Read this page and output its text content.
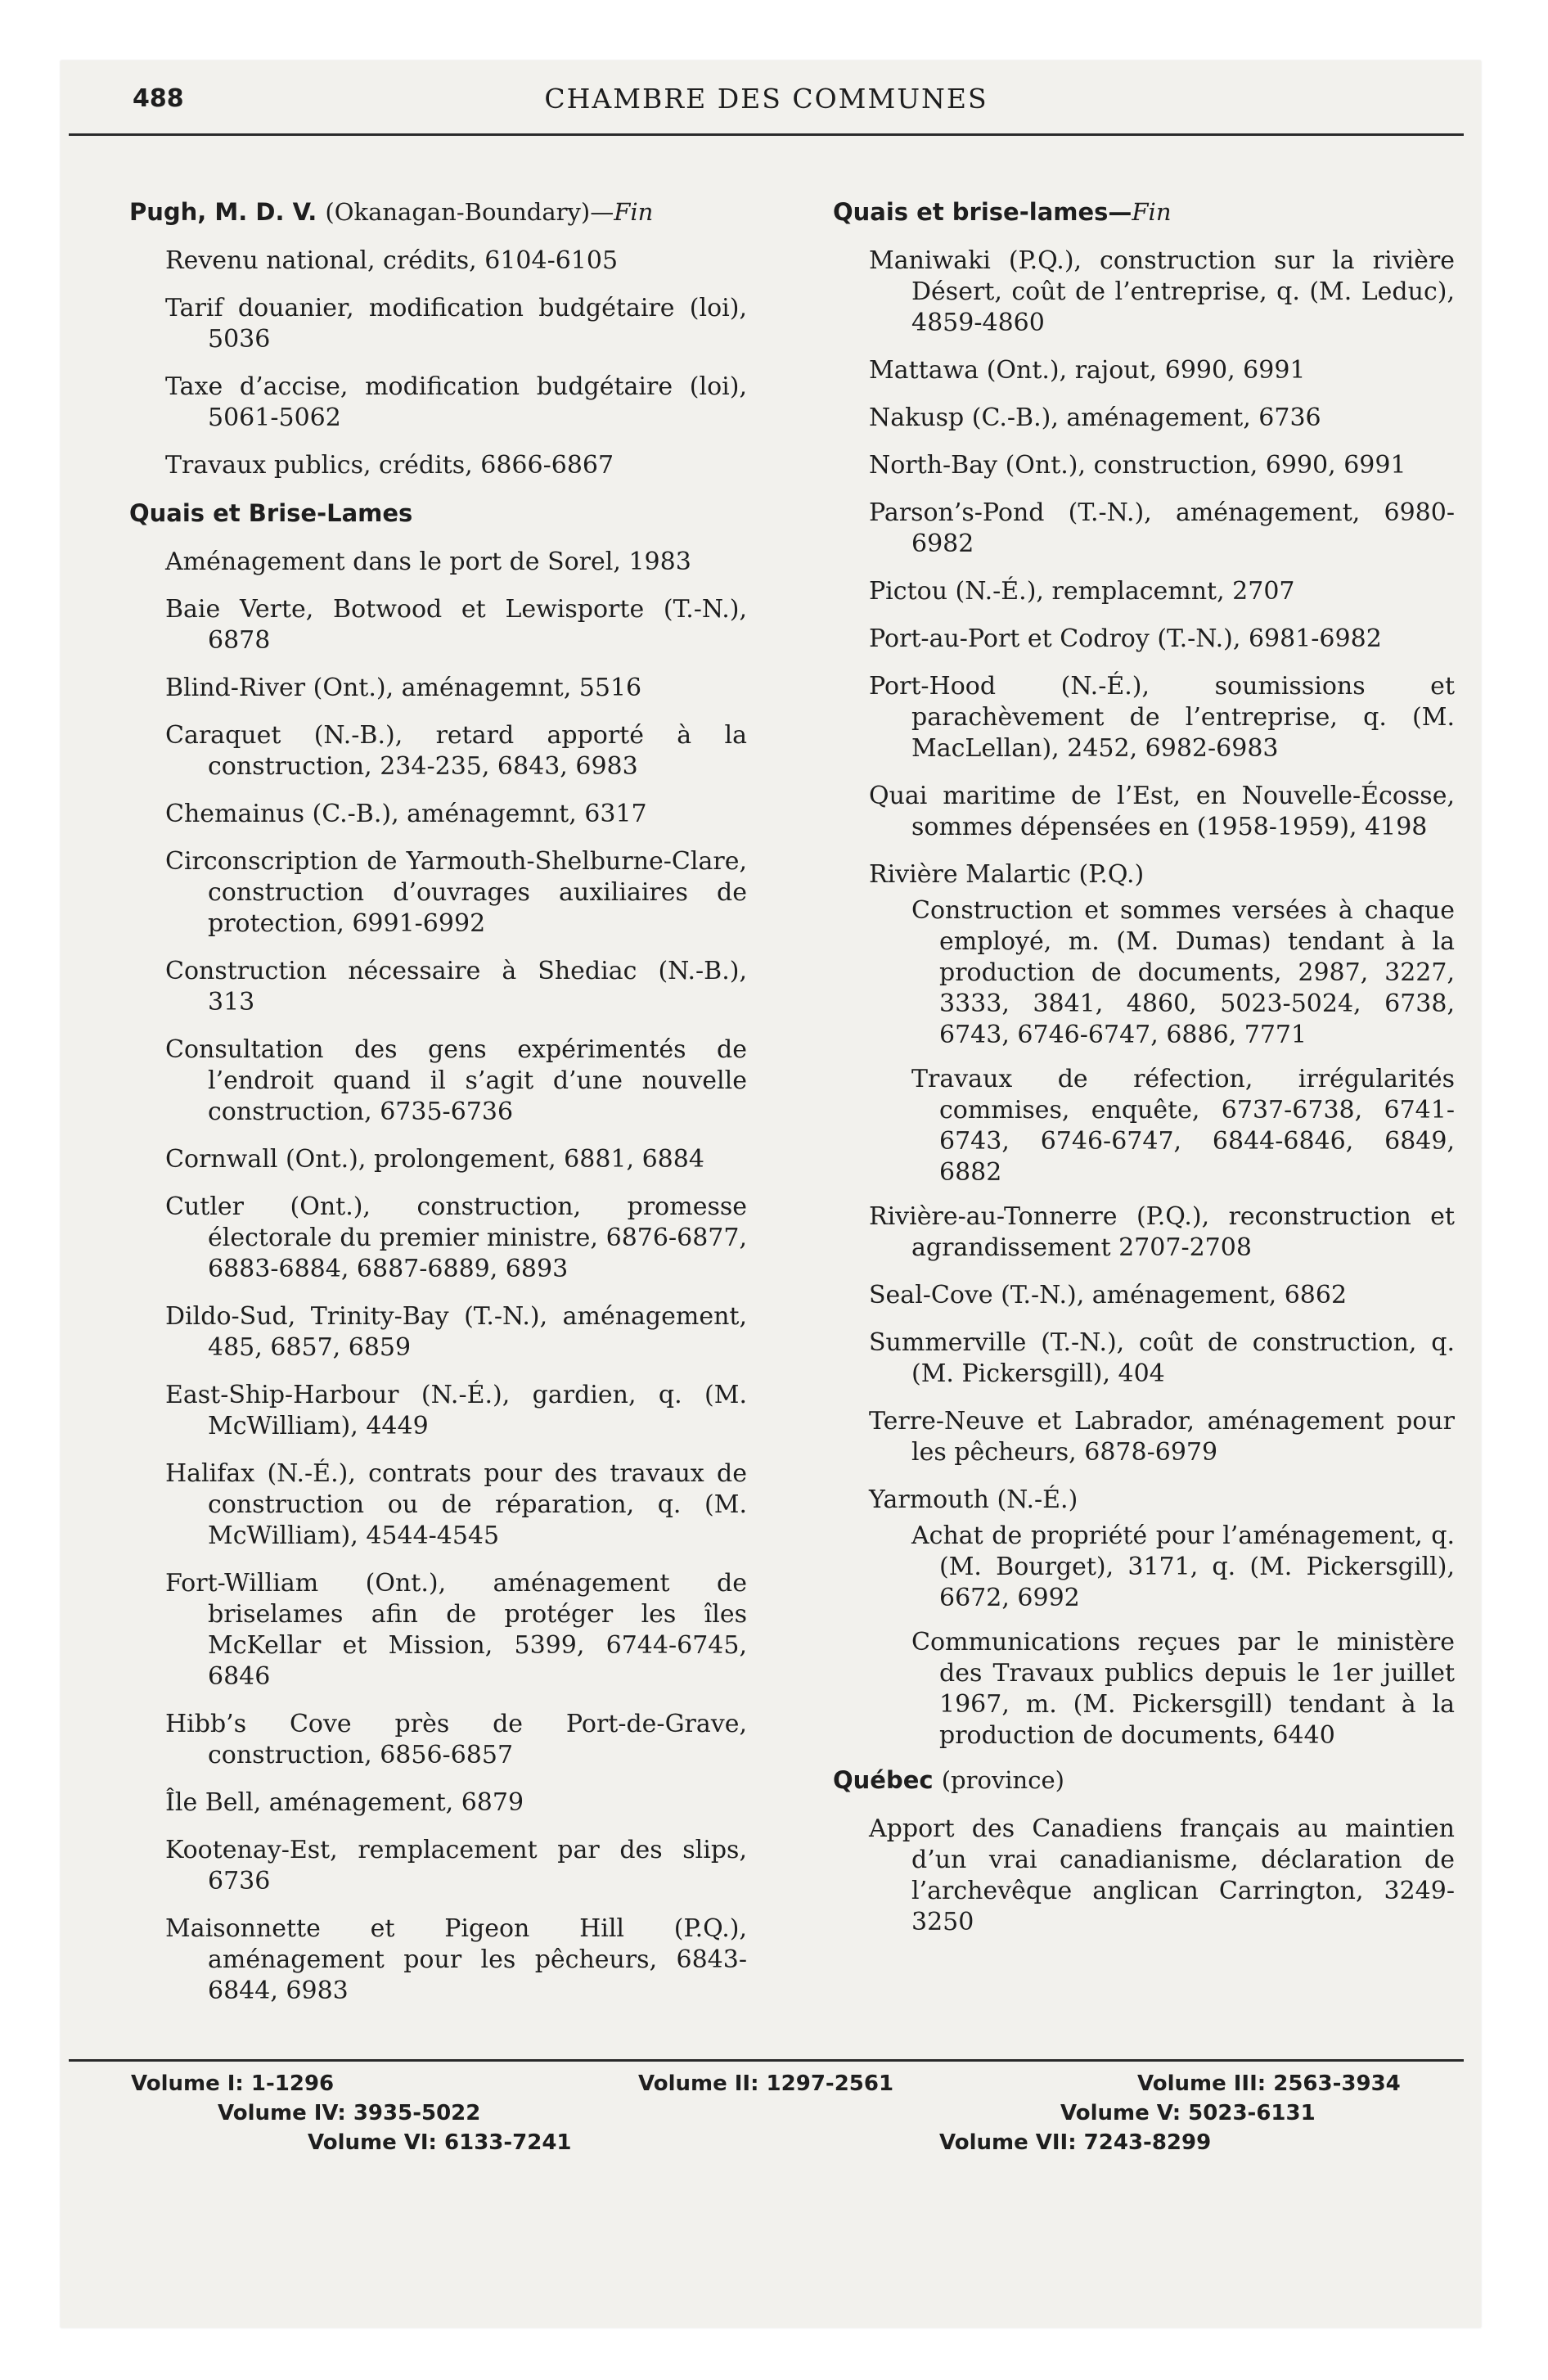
488	CHAMBRE DES COMMUNES
Pugh, M. D. V. (Okanagan-Boundary)—Fin
Revenu national, crédits, 6104-6105
Tarif douanier, modification budgétaire (loi), 5036
Taxe d’accise, modification budgétaire (loi), 5061-5062
Travaux publics, crédits, 6866-6867
Quais et Brise-Lames
Aménagement dans le port de Sorel, 1983
Baie Verte, Botwood et Lewisporte (T.-N.), 6878
Blind-River (Ont.), aménagemnt, 5516
Caraquet (N.-B.), retard apporté à la construction, 234-235, 6843, 6983
Chemainus (C.-B.), aménagemnt, 6317
Circonscription de Yarmouth-Shelburne-Clare, construction d’ouvrages auxiliaires de protection, 6991-6992
Construction nécessaire à Shediac (N.-B.), 313
Consultation des gens expérimentés de l’endroit quand il s’agit d’une nouvelle construction, 6735-6736
Cornwall (Ont.), prolongement, 6881, 6884
Cutler (Ont.), construction, promesse électorale du premier ministre, 6876-6877, 6883-6884, 6887-6889, 6893
Dildo-Sud, Trinity-Bay (T.-N.), aménagement, 485, 6857, 6859
East-Ship-Harbour (N.-É.), gardien, q. (M. McWilliam), 4449
Halifax (N.-É.), contrats pour des travaux de construction ou de réparation, q. (M. McWilliam), 4544-4545
Fort-William (Ont.), aménagement de briselames afin de protéger les îles McKellar et Mission, 5399, 6744-6745, 6846
Hibb’s Cove près de Port-de-Grave, construction, 6856-6857
Île Bell, aménagement, 6879
Kootenay-Est, remplacement par des slips, 6736
Maisonnette et Pigeon Hill (P.Q.), aménagement pour les pêcheurs, 6843-6844, 6983
Quais et brise-lames—Fin
Maniwaki (P.Q.), construction sur la rivière Désert, coût de l’entreprise, q. (M. Leduc), 4859-4860
Mattawa (Ont.), rajout, 6990, 6991
Nakusp (C.-B.), aménagement, 6736
North-Bay (Ont.), construction, 6990, 6991
Parson’s-Pond (T.-N.), aménagement, 6980-6982
Pictou (N.-É.), remplacemnt, 2707
Port-au-Port et Codroy (T.-N.), 6981-6982
Port-Hood (N.-É.), soumissions et parachèvement de l’entreprise, q. (M. MacLellan), 2452, 6982-6983
Quai maritime de l’Est, en Nouvelle-Écosse, sommes dépensées en (1958-1959), 4198
Rivière Malartic (P.Q.)
Construction et sommes versées à chaque employé, m. (M. Dumas) tendant à la production de documents, 2987, 3227, 3333, 3841, 4860, 5023-5024, 6738, 6743, 6746-6747, 6886, 7771
Travaux de réfection, irrégularités commises, enquête, 6737-6738, 6741-6743, 6746-6747, 6844-6846, 6849, 6882
Rivière-au-Tonnerre (P.Q.), reconstruction et agrandissement 2707-2708
Seal-Cove (T.-N.), aménagement, 6862
Summerville (T.-N.), coût de construction, q. (M. Pickersgill), 404
Terre-Neuve et Labrador, aménagement pour les pêcheurs, 6878-6979
Yarmouth (N.-É.)
Achat de propriété pour l’aménagement, q. (M. Bourget), 3171, q. (M. Pickersgill), 6672, 6992
Communications reçues par le ministère des Travaux publics depuis le 1er juillet 1967, m. (M. Pickersgill) tendant à la production de documents, 6440
Québec (province)
Apport des Canadiens français au maintien d’un vrai canadianisme, déclaration de l’archevêque anglican Carrington, 3249-3250
Volume I: 1-1296	Volume II: 1297-2561	Volume III: 2563-3934
Volume IV: 3935-5022	Volume V: 5023-6131
Volume VI: 6133-7241	Volume VII: 7243-8299
